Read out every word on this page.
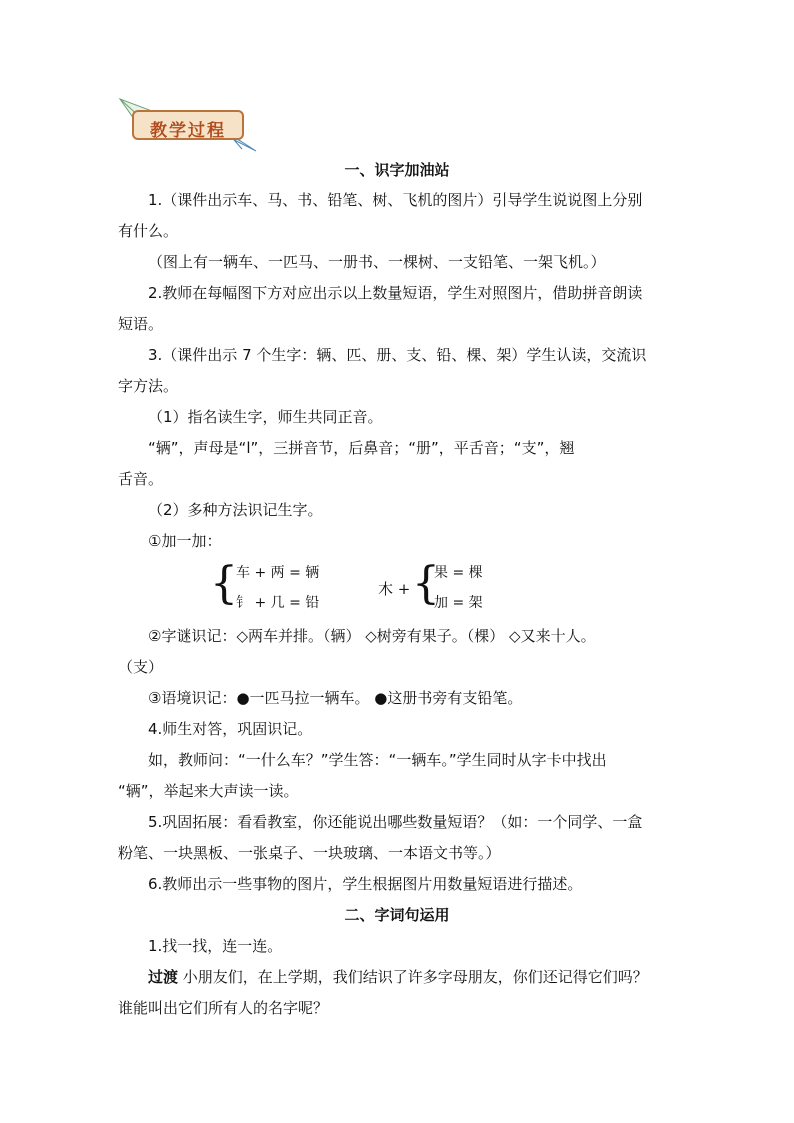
教学过程
一、识字加油站
1.（课件出示车、马、书、铅笔、树、飞机的图片）引导学生说说图上分别
有什么。
（图上有一辆车、一匹马、一册书、一棵树、一支铅笔、一架飞机。）
2.教师在每幅图下方对应出示以上数量短语，学生对照图片，借助拼音朗读
短语。
3.（课件出示 7 个生字：辆、匹、册、支、铅、棵、架）学生认读，交流识
字方法。
（1）指名读生字，师生共同正音。
“辆”，声母是“l”，三拼音节，后鼻音；“册”，平舌音；“支”，翘
舌音。
（2）多种方法识记生字。
①加一加：
{
车 + 两 = 辆
钅 + 几 = 铅
木 + {
果 = 棵
加 = 架
②字谜识记：◇两车并排。（辆） ◇树旁有果子。（棵） ◇又来十人。
（支）
③语境识记：●一匹马拉一辆车。 ●这册书旁有支铅笔。
4.师生对答，巩固识记。
如，教师问：“一什么车？”学生答：“一辆车。”学生同时从字卡中找出
“辆”，举起来大声读一读。
5.巩固拓展：看看教室，你还能说出哪些数量短语？（如：一个同学、一盒
粉笔、一块黑板、一张桌子、一块玻璃、一本语文书等。）
6.教师出示一些事物的图片，学生根据图片用数量短语进行描述。
二、字词句运用
1.找一找，连一连。
过渡 小朋友们，在上学期，我们结识了许多字母朋友，你们还记得它们吗？
谁能叫出它们所有人的名字呢？
